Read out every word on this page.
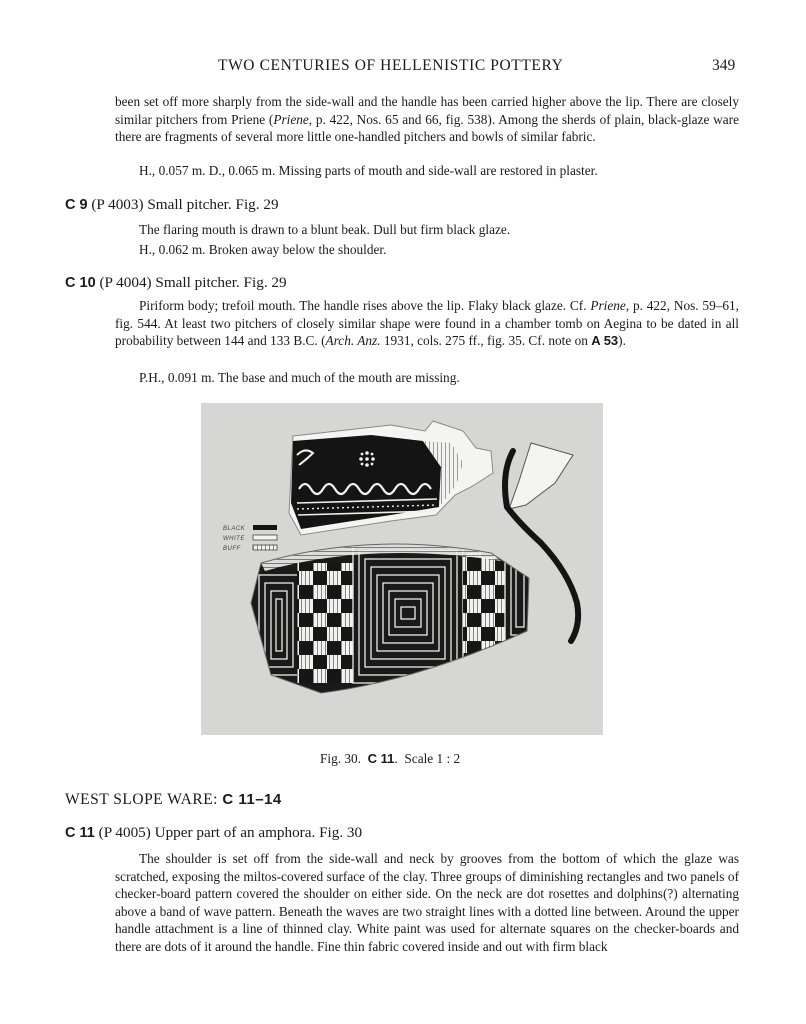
TWO CENTURIES OF HELLENISTIC POTTERY	349

been set off more sharply from the side-wall and the handle has been carried higher above the lip. There are closely similar pitchers from Priene (Priene, p. 422, Nos. 65 and 66, fig. 538). Among the sherds of plain, black-glaze ware there are fragments of several more little one-handled pitchers and bowls of similar fabric.

H., 0.057 m. D., 0.065 m. Missing parts of mouth and side-wall are restored in plaster.
C 9 (P 4003) Small pitcher. Fig. 29
The flaring mouth is drawn to a blunt beak. Dull but firm black glaze.
H., 0.062 m. Broken away below the shoulder.
C 10 (P 4004) Small pitcher. Fig. 29

Piriform body; trefoil mouth. The handle rises above the lip. Flaky black glaze. Cf. Priene, p. 422, Nos. 59–61, fig. 544. At least two pitchers of closely similar shape were found in a chamber tomb on Aegina to be dated in all probability between 144 and 133 B.C. (Arch. Anz. 1931, cols. 275 ff., fig. 35. Cf. note on A 53).

P.H., 0.091 m. The base and much of the mouth are missing.
BLACK
WHITE
BUFF
Fig. 30. C 11.  Scale 1 : 2
WEST SLOPE WARE: C 11–14
C 11 (P 4005) Upper part of an amphora. Fig. 30

The shoulder is set off from the side-wall and neck by grooves from the bottom of which the glaze was scratched, exposing the miltos-covered surface of the clay. Three groups of diminishing rectangles and two panels of checker-board pattern covered the shoulder on either side. On the neck are dot rosettes and dolphins(?) alternating above a band of wave pattern. Beneath the waves are two straight lines with a dotted line between. Around the upper handle attachment is a line of thinned clay. White paint was used for alternate squares on the checker-boards and there are dots of it around the handle. Fine thin fabric covered inside and out with firm black
